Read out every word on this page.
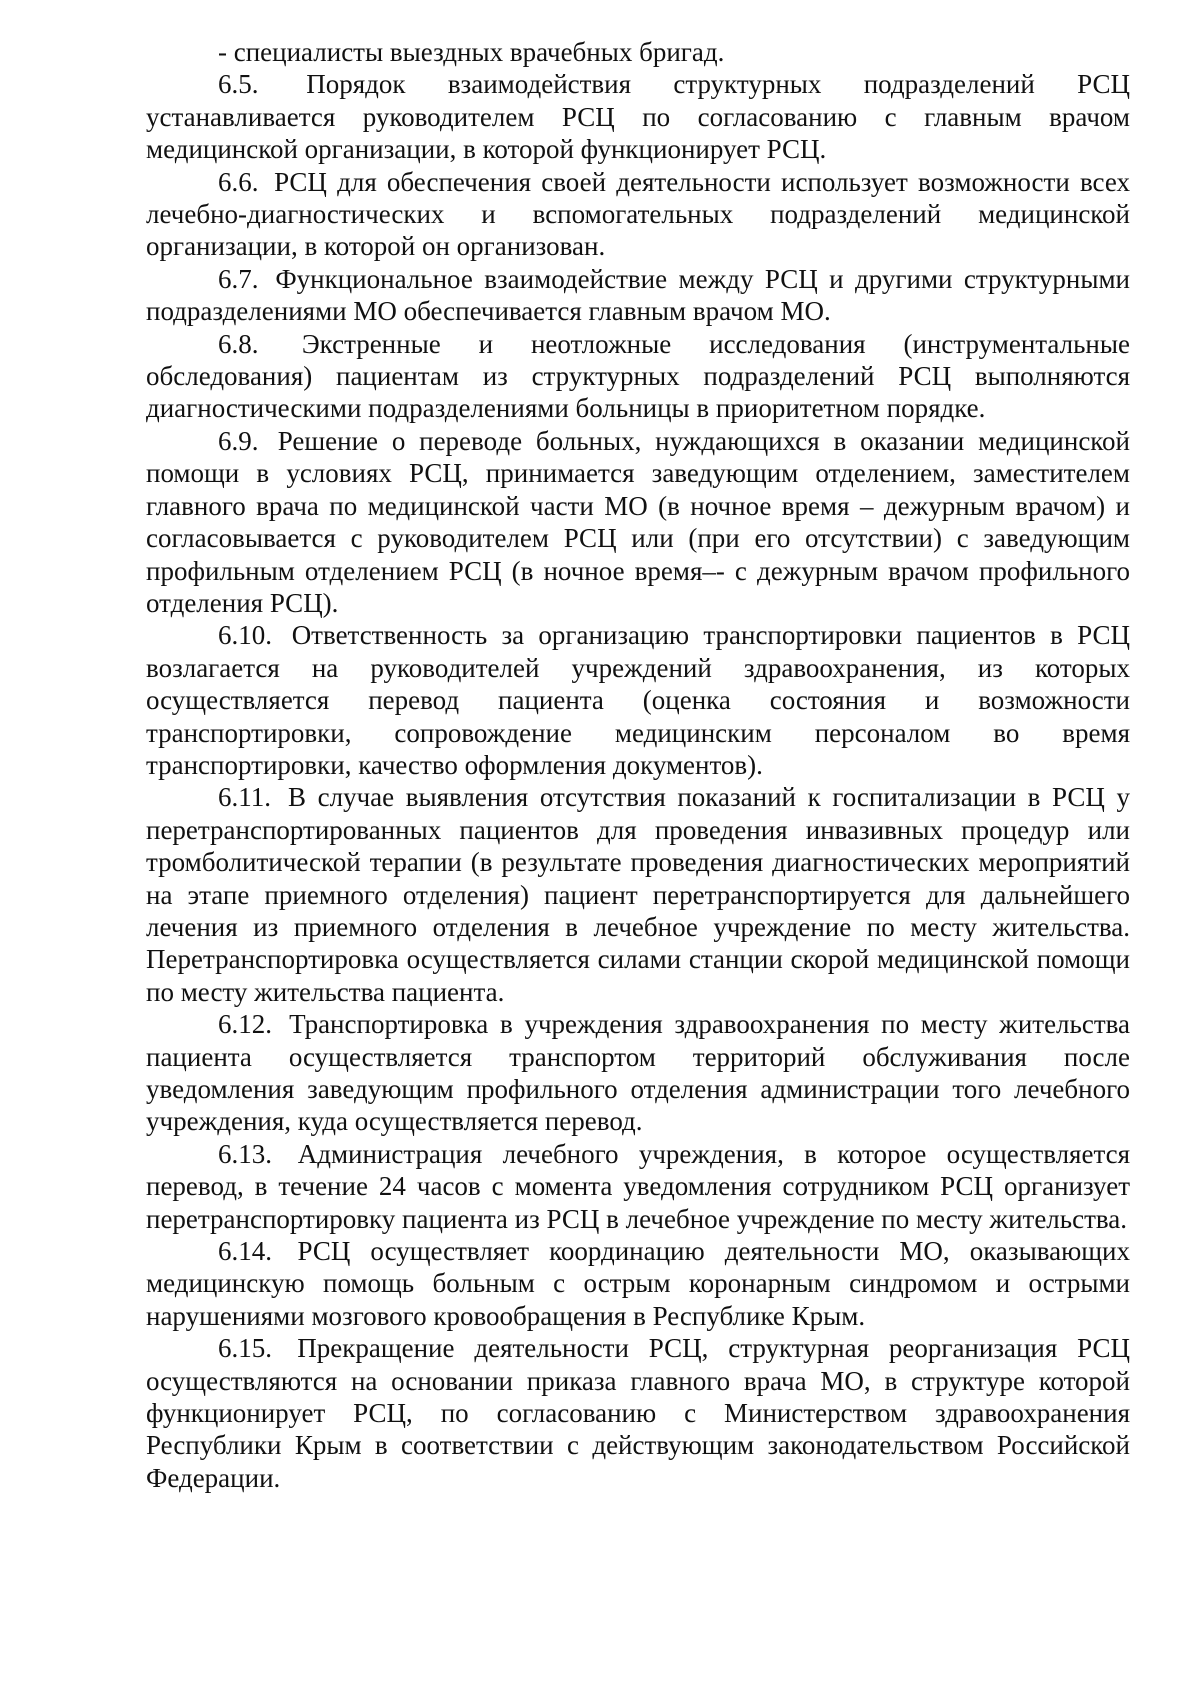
- специалисты выездных врачебных бригад.

6.5. Порядок взаимодействия структурных подразделений РСЦ устанавливается руководителем РСЦ по согласованию с главным врачом медицинской организации, в которой функционирует РСЦ.

6.6. РСЦ для обеспечения своей деятельности использует возможности всех лечебно-диагностических и вспомогательных подразделений медицинской организации, в которой он организован.

6.7. Функциональное взаимодействие между РСЦ и другими структурными подразделениями МО обеспечивается главным врачом МО.

6.8. Экстренные и неотложные исследования (инструментальные обследования) пациентам из структурных подразделений РСЦ выполняются диагностическими подразделениями больницы в приоритетном порядке.

6.9. Решение о переводе больных, нуждающихся в оказании медицинской помощи в условиях РСЦ, принимается заведующим отделением, заместителем главного врача по медицинской части МО (в ночное время – дежурным врачом) и согласовывается с руководителем РСЦ или (при его отсутствии) с заведующим профильным отделением РСЦ (в ночное время–- с дежурным врачом профильного отделения РСЦ).

6.10. Ответственность за организацию транспортировки пациентов в РСЦ возлагается на руководителей учреждений здравоохранения, из которых осуществляется перевод пациента (оценка состояния и возможности транспортировки, сопровождение медицинским персоналом во время транспортировки, качество оформления документов).

6.11. В случае выявления отсутствия показаний к госпитализации в РСЦ у перетранспортированных пациентов для проведения инвазивных процедур или тромболитической терапии (в результате проведения диагностических мероприятий на этапе приемного отделения) пациент перетранспортируется для дальнейшего лечения из приемного отделения в лечебное учреждение по месту жительства. Перетранспортировка осуществляется силами станции скорой медицинской помощи по месту жительства пациента.

6.12. Транспортировка в учреждения здравоохранения по месту жительства пациента осуществляется транспортом территорий обслуживания после уведомления заведующим профильного отделения администрации того лечебного учреждения, куда осуществляется перевод.

6.13. Администрация лечебного учреждения, в которое осуществляется перевод, в течение 24 часов с момента уведомления сотрудником РСЦ организует перетранспортировку пациента из РСЦ в лечебное учреждение по месту жительства.

6.14. РСЦ осуществляет координацию деятельности МО, оказывающих медицинскую помощь больным с острым коронарным синдромом и острыми нарушениями мозгового кровообращения в Республике Крым.

6.15. Прекращение деятельности РСЦ, структурная реорганизация РСЦ осуществляются на основании приказа главного врача МО, в структуре которой функционирует РСЦ, по согласованию с Министерством здравоохранения Республики Крым в соответствии с действующим законодательством Российской Федерации.
